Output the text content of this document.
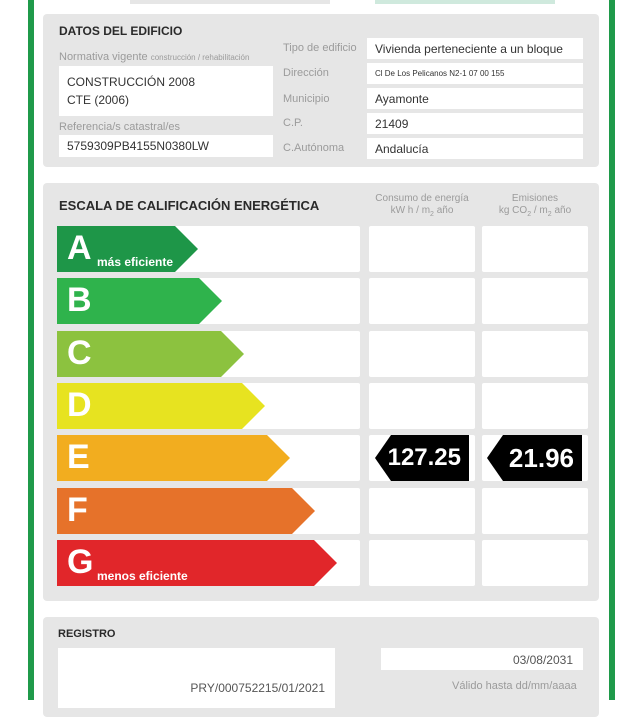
DATOS DEL EDIFICIO
Normativa vigente construcción / rehabilitación
CONSTRUCCIÓN 2008
CTE (2006)
Referencia/s catastral/es
5759309PB4155N0380LW
Tipo de edificio	Vivienda perteneciente a un bloque
Dirección	Cl De Los Pelicanos N2-1 07 00 155
Municipio	Ayamonte
C.P.	21409
C.Autónoma	Andalucía
ESCALA DE CALIFICACIÓN ENERGÉTICA	Consumo de energía
kW h / $m_2$ año
Emisiones
kg $CO_2 / m_2$ año
A más eficiente
B
C
D
E	127.25 21.96
F
G menos eficiente
REGISTRO
PRY/000752215/01/2021
03/08/2031
Válido hasta dd/mm/aaaa
